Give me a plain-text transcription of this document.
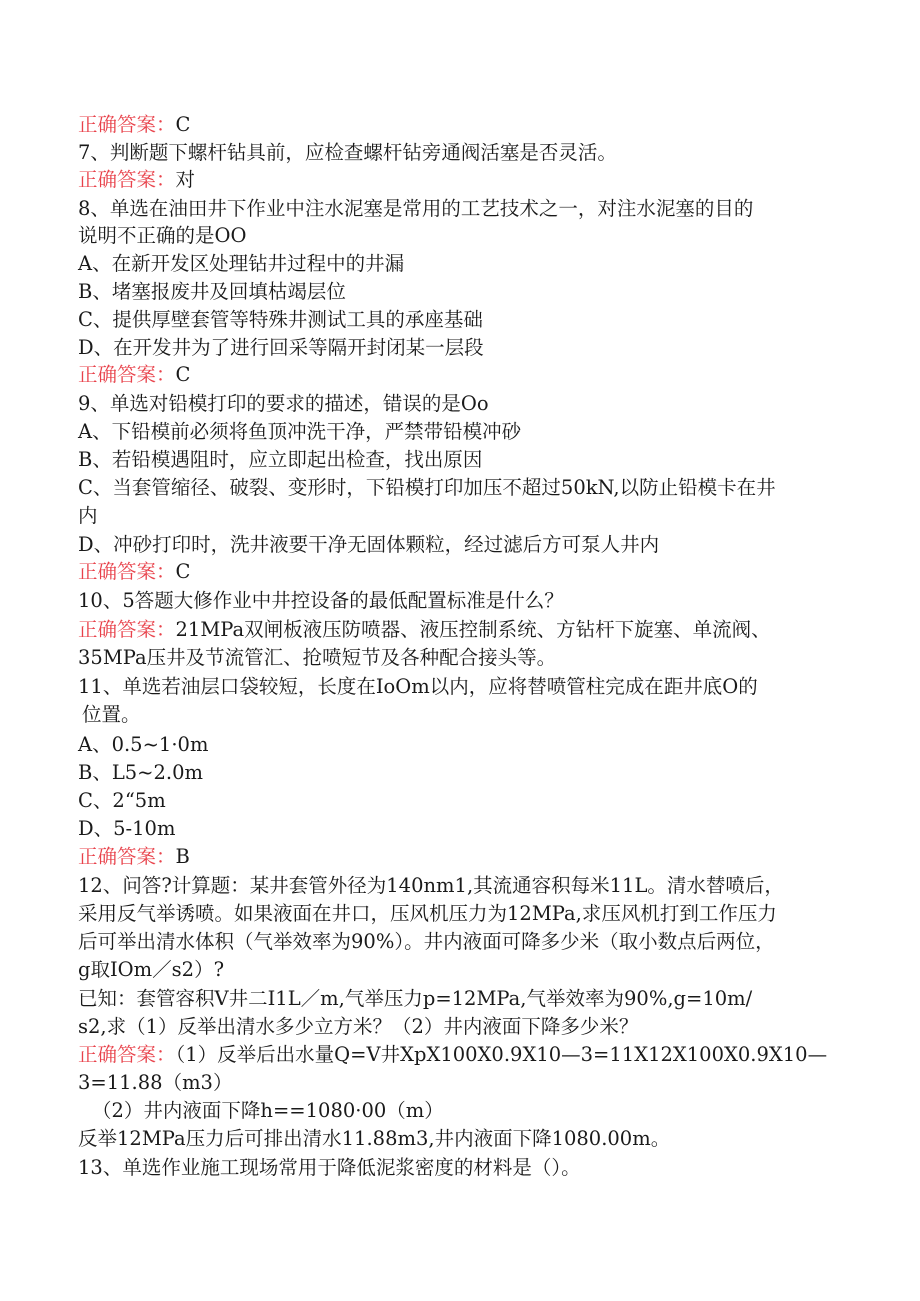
正确答案：C
7、判断题下螺杆钻具前，应检查螺杆钻旁通阀活塞是否灵活。
正确答案：对
8、单选在油田井下作业中注水泥塞是常用的工艺技术之一，对注水泥塞的目的
说明不正确的是OO
A、在新开发区处理钻井过程中的井漏
B、堵塞报废井及回填枯竭层位
C、提供厚壁套管等特殊井测试工具的承座基础
D、在开发井为了进行回采等隔开封闭某一层段
正确答案：C
9、单选对铅模打印的要求的描述，错误的是Oo
A、下铅模前必须将鱼顶冲洗干净，严禁带铅模冲砂
B、若铅模遇阻时，应立即起出检查，找出原因
C、当套管缩径、破裂、变形时，下铅模打印加压不超过50kN,以防止铅模卡在井
内
D、冲砂打印时，洗井液要干净无固体颗粒，经过滤后方可泵人井内
正确答案：C
10、5答题大修作业中井控设备的最低配置标准是什么？
正确答案：21MPa双闸板液压防喷器、液压控制系统、方钻杆下旋塞、单流阀、
35MPa压井及节流管汇、抢喷短节及各种配合接头等。
11、单选若油层口袋较短，长度在IoOm以内，应将替喷管柱完成在距井底O的
位置。
A、0.5~1·0m
B、L5~2.0m
C、2“5m
D、5-10m
正确答案：B
12、问答?计算题：某井套管外径为140nm1,其流通容积每米11L。清水替喷后，
采用反气举诱喷。如果液面在井口，压风机压力为12MPa,求压风机打到工作压力
后可举出清水体积（气举效率为90%）。井内液面可降多少米（取小数点后两位，
g取IOm／s2）?
已知：套管容积V井二I1L／m,气举压力p=12MPa,气举效率为90%,g=10m/
s2,求（1）反举出清水多少立方米？（2）井内液面下降多少米？
正确答案：（1）反举后出水量Q=V井XpX100X0.9X10—3=11X12X100X0.9X10—
3=11.88（m3）
（2）井内液面下降h==1080·00（m）
反举12MPa压力后可排出清水11.88m3,井内液面下降1080.00m。
13、单选作业施工现场常用于降低泥浆密度的材料是（）。
